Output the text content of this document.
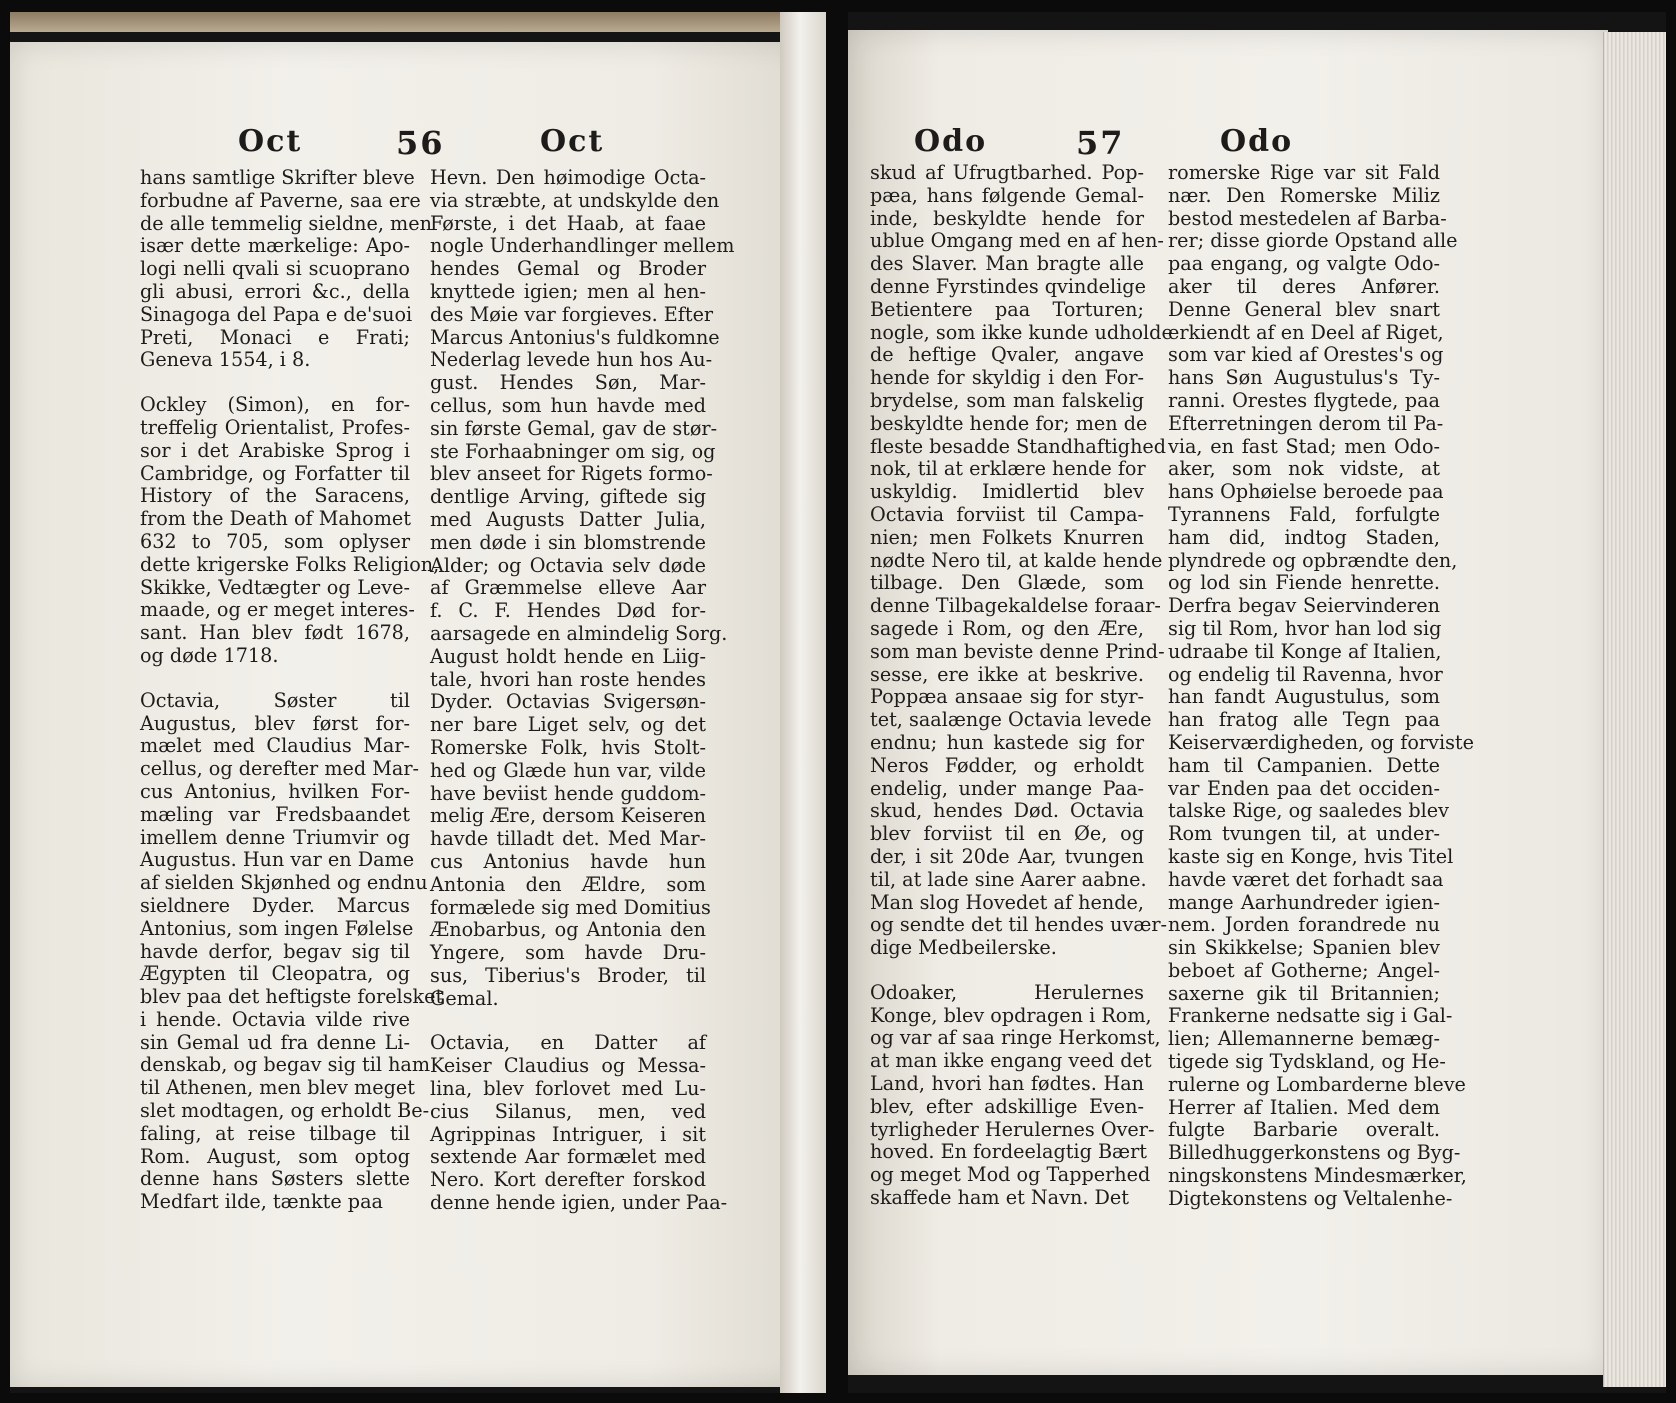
Oct	56	Oct
hans samtlige Skrifter bleve
forbudne af Paverne, saa ere
de alle temmelig sieldne, men
især dette mærkelige: Apo-
logi nelli qvali si scuoprano
gli abusi, errori &c., della
Sinagoga del Papa e de'suoi
Preti, Monaci e Frati;
Geneva 1554, i 8.
Ockley (Simon), en for-
treffelig Orientalist, Profes-
sor i det Arabiske Sprog i
Cambridge, og Forfatter til
History of the Saracens,
from the Death of Mahomet
632 to 705, som oplyser
dette krigerske Folks Religion,
Skikke, Vedtægter og Leve-
maade, og er meget interes-
sant. Han blev født 1678,
og døde 1718.
Octavia, Søster til
Augustus, blev først for-
mælet med Claudius Mar-
cellus, og derefter med Mar-
cus Antonius, hvilken For-
mæling var Fredsbaandet
imellem denne Triumvir og
Augustus. Hun var en Dame
af sielden Skjønhed og endnu
sieldnere Dyder. Marcus
Antonius, som ingen Følelse
havde derfor, begav sig til
Ægypten til Cleopatra, og
blev paa det heftigste forelsket
i hende. Octavia vilde rive
sin Gemal ud fra denne Li-
denskab, og begav sig til ham
til Athenen, men blev meget
slet modtagen, og erholdt Be-
faling, at reise tilbage til
Rom. August, som optog
denne hans Søsters slette
Medfart ilde, tænkte paa
Hevn. Den høimodige Octa-
via stræbte, at undskylde den
Første, i det Haab, at faae
nogle Underhandlinger mellem
hendes Gemal og Broder
knyttede igien; men al hen-
des Møie var forgieves. Efter
Marcus Antonius's fuldkomne
Nederlag levede hun hos Au-
gust. Hendes Søn, Mar-
cellus, som hun havde med
sin første Gemal, gav de stør-
ste Forhaabninger om sig, og
blev anseet for Rigets formo-
dentlige Arving, giftede sig
med Augusts Datter Julia,
men døde i sin blomstrende
Alder; og Octavia selv døde
af Græmmelse elleve Aar
f. C. F. Hendes Død for-
aarsagede en almindelig Sorg.
August holdt hende en Liig-
tale, hvori han roste hendes
Dyder. Octavias Svigersøn-
ner bare Liget selv, og det
Romerske Folk, hvis Stolt-
hed og Glæde hun var, vilde
have beviist hende guddom-
melig Ære, dersom Keiseren
havde tilladt det. Med Mar-
cus Antonius havde hun
Antonia den Ældre, som
formælede sig med Domitius
Ænobarbus, og Antonia den
Yngere, som havde Dru-
sus, Tiberius's Broder, til
Gemal.
Octavia, en Datter af
Keiser Claudius og Messa-
lina, blev forlovet med Lu-
cius Silanus, men, ved
Agrippinas Intriguer, i sit
sextende Aar formælet med
Nero. Kort derefter forskod
denne hende igien, under Paa-
Odo	57	Odo
skud af Ufrugtbarhed. Pop-
pæa, hans følgende Gemal-
inde, beskyldte hende for
ublue Omgang med en af hen-
des Slaver. Man bragte alle
denne Fyrstindes qvindelige
Betientere paa Torturen;
nogle, som ikke kunde udholde
de heftige Qvaler, angave
hende for skyldig i den For-
brydelse, som man falskelig
beskyldte hende for; men de
fleste besadde Standhaftighed
nok, til at erklære hende for
uskyldig. Imidlertid blev
Octavia forviist til Campa-
nien; men Folkets Knurren
nødte Nero til, at kalde hende
tilbage. Den Glæde, som
denne Tilbagekaldelse foraar-
sagede i Rom, og den Ære,
som man beviste denne Prind-
sesse, ere ikke at beskrive.
Poppæa ansaae sig for styr-
tet, saalænge Octavia levede
endnu; hun kastede sig for
Neros Fødder, og erholdt
endelig, under mange Paa-
skud, hendes Død. Octavia
blev forviist til en Øe, og
der, i sit 20de Aar, tvungen
til, at lade sine Aarer aabne.
Man slog Hovedet af hende,
og sendte det til hendes uvær-
dige Medbeilerske.
Odoaker, Herulernes
Konge, blev opdragen i Rom,
og var af saa ringe Herkomst,
at man ikke engang veed det
Land, hvori han fødtes. Han
blev, efter adskillige Even-
tyrligheder Herulernes Over-
hoved. En fordeelagtig Bært
og meget Mod og Tapperhed
skaffede ham et Navn. Det
romerske Rige var sit Fald
nær. Den Romerske Miliz
bestod mestedelen af Barba-
rer; disse giorde Opstand alle
paa engang, og valgte Odo-
aker til deres Anfører.
Denne General blev snart
erkiendt af en Deel af Riget,
som var kied af Orestes's og
hans Søn Augustulus's Ty-
ranni. Orestes flygtede, paa
Efterretningen derom til Pa-
via, en fast Stad; men Odo-
aker, som nok vidste, at
hans Ophøielse beroede paa
Tyrannens Fald, forfulgte
ham did, indtog Staden,
plyndrede og opbrændte den,
og lod sin Fiende henrette.
Derfra begav Seiervinderen
sig til Rom, hvor han lod sig
udraabe til Konge af Italien,
og endelig til Ravenna, hvor
han fandt Augustulus, som
han fratog alle Tegn paa
Keiserværdigheden, og forviste
ham til Campanien. Dette
var Enden paa det occiden-
talske Rige, og saaledes blev
Rom tvungen til, at under-
kaste sig en Konge, hvis Titel
havde været det forhadt saa
mange Aarhundreder igien-
nem. Jorden forandrede nu
sin Skikkelse; Spanien blev
beboet af Gotherne; Angel-
saxerne gik til Britannien;
Frankerne nedsatte sig i Gal-
lien; Allemannerne bemæg-
tigede sig Tydskland, og He-
rulerne og Lombarderne bleve
Herrer af Italien. Med dem
fulgte Barbarie overalt.
Billedhuggerkonstens og Byg-
ningskonstens Mindesmærker,
Digtekonstens og Veltalenhe-
